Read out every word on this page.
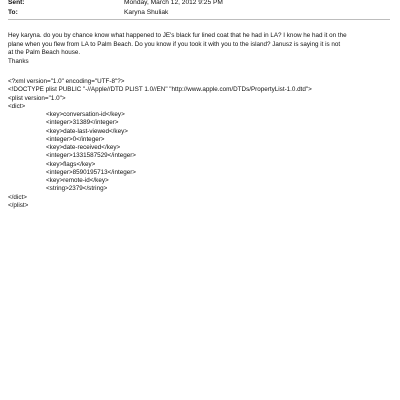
Sent:	Monday, March 12, 2012 9:25 PM
To:	Karyna Shuliak

Hey karyna. do you by chance know what happened to JE's black fur lined coat that he had in LA? I know he had it on the

plane when you flew from LA to Palm Beach. Do you know if you took it with you to the island? Janusz is saying it is not

at the Palm Beach house.

Thanks

<?xml version="1.0" encoding="UTF-8"?>

<!DOCTYPE plist PUBLIC "-//Apple//DTD PLIST 1.0//EN" "http://www.apple.com/DTDs/PropertyList-1.0.dtd">

<plist version="1.0">

<dict>

<key>conversation-id</key>

<integer>31389</integer>

<key>date-last-viewed</key>

<integer>0</integer>

<key>date-received</key>

<integer>1331587529</integer>

<key>flags</key>

<integer>8590195713</integer>

<key>remote-id</key>

<string>2379</string>

</dict>

</plist>
